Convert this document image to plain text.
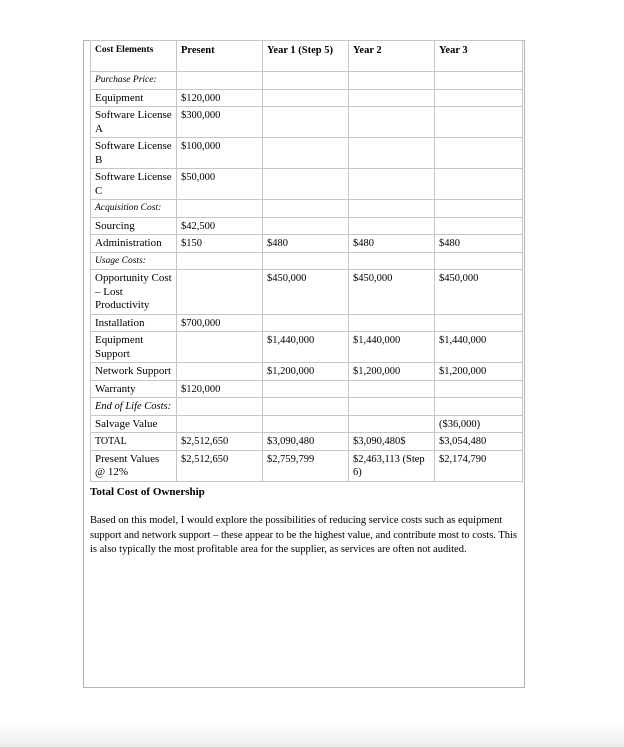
Cost Elements	Present	Year 1 (Step 5)	Year 2	Year 3
Purchase Price:				
Equipment	$120,000			
Software License A	$300,000			
Software License B	$100,000			
Software License C	$50,000			
Acquisition Cost:				
Sourcing	$42,500			
Administration	$150	$480	$480	$480
Usage Costs:				
Opportunity Cost – Lost Productivity		$450,000	$450,000	$450,000
Installation	$700,000			
Equipment Support		$1,440,000	$1,440,000	$1,440,000
Network Support		$1,200,000	$1,200,000	$1,200,000
Warranty	$120,000			
End of Life Costs:				
Salvage Value				($36,000)
TOTAL	$2,512,650	$3,090,480	$3,090,480$	$3,054,480
Present Values @ 12%	$2,512,650	$2,759,799	$2,463,113 (Step 6)	$2,174,790
Total Cost of Ownership
Based on this model, I would explore the possibilities of reducing service costs such as equipment support and network support – these appear to be the highest value, and contribute most to costs. This is also typically the most profitable area for the supplier, as services are often not audited.
